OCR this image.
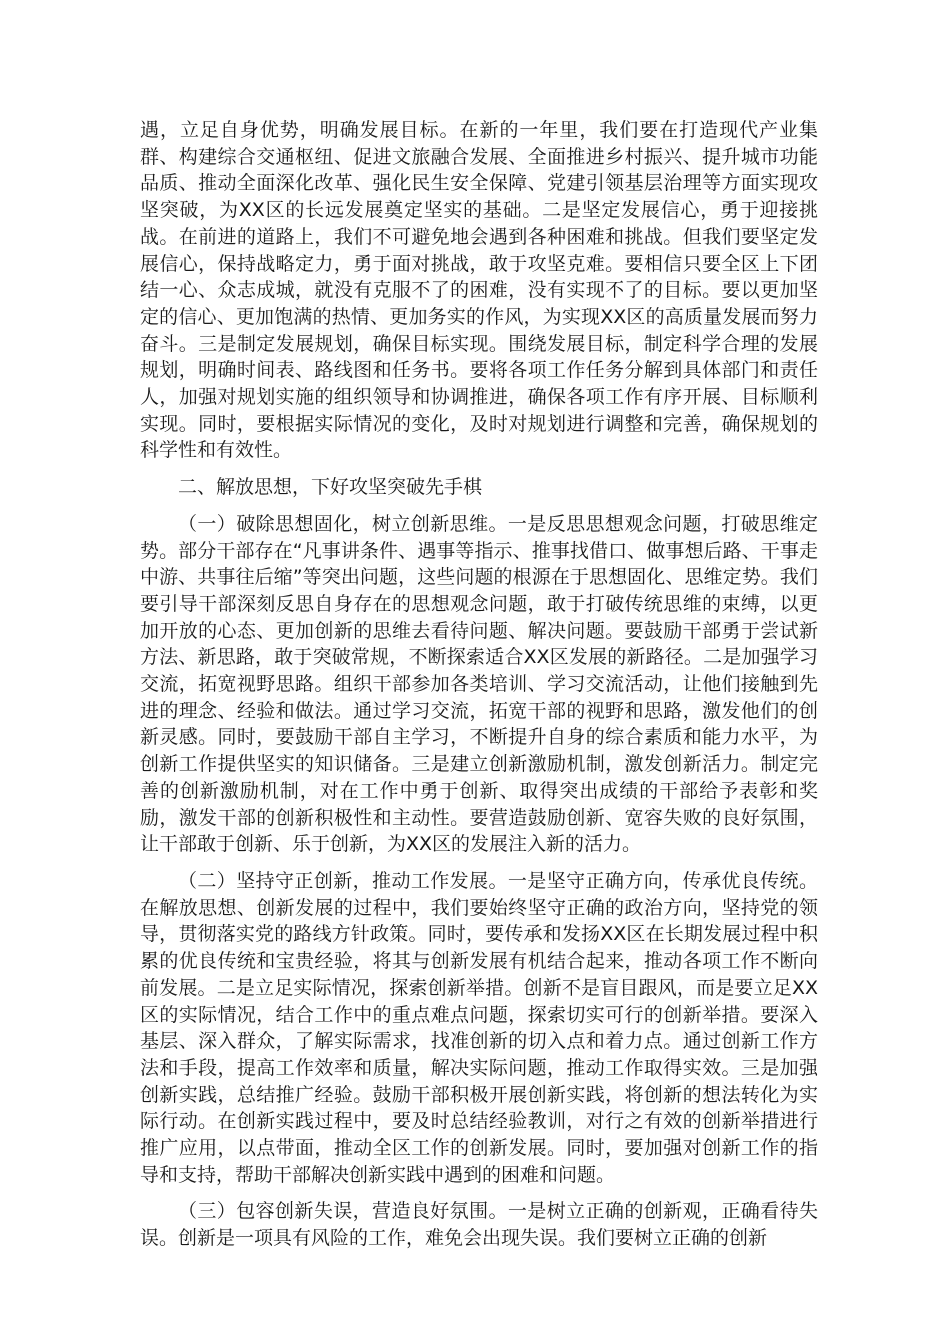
遇，立足自身优势，明确发展目标。在新的一年里，我们要在打造现代产业集群、构建综合交通枢纽、促进文旅融合发展、全面推进乡村振兴、提升城市功能品质、推动全面深化改革、强化民生安全保障、党建引领基层治理等方面实现攻坚突破，为XX区的长远发展奠定坚实的基础。二是坚定发展信心，勇于迎接挑战。在前进的道路上，我们不可避免地会遇到各种困难和挑战。但我们要坚定发展信心，保持战略定力，勇于面对挑战，敢于攻坚克难。要相信只要全区上下团结一心、众志成城，就没有克服不了的困难，没有实现不了的目标。要以更加坚定的信心、更加饱满的热情、更加务实的作风，为实现XX区的高质量发展而努力奋斗。三是制定发展规划，确保目标实现。围绕发展目标，制定科学合理的发展规划，明确时间表、路线图和任务书。要将各项工作任务分解到具体部门和责任人，加强对规划实施的组织领导和协调推进，确保各项工作有序开展、目标顺利实现。同时，要根据实际情况的变化，及时对规划进行调整和完善，确保规划的科学性和有效性。

二、解放思想，下好攻坚突破先手棋

（一）破除思想固化，树立创新思维。一是反思思想观念问题，打破思维定势。部分干部存在“凡事讲条件、遇事等指示、推事找借口、做事想后路、干事走中游、共事往后缩”等突出问题，这些问题的根源在于思想固化、思维定势。我们要引导干部深刻反思自身存在的思想观念问题，敢于打破传统思维的束缚，以更加开放的心态、更加创新的思维去看待问题、解决问题。要鼓励干部勇于尝试新方法、新思路，敢于突破常规，不断探索适合XX区发展的新路径。二是加强学习交流，拓宽视野思路。组织干部参加各类培训、学习交流活动，让他们接触到先进的理念、经验和做法。通过学习交流，拓宽干部的视野和思路，激发他们的创新灵感。同时，要鼓励干部自主学习，不断提升自身的综合素质和能力水平，为创新工作提供坚实的知识储备。三是建立创新激励机制，激发创新活力。制定完善的创新激励机制，对在工作中勇于创新、取得突出成绩的干部给予表彰和奖励，激发干部的创新积极性和主动性。要营造鼓励创新、宽容失败的良好氛围，让干部敢于创新、乐于创新，为XX区的发展注入新的活力。

（二）坚持守正创新，推动工作发展。一是坚守正确方向，传承优良传统。在解放思想、创新发展的过程中，我们要始终坚守正确的政治方向，坚持党的领导，贯彻落实党的路线方针政策。同时，要传承和发扬XX区在长期发展过程中积累的优良传统和宝贵经验，将其与创新发展有机结合起来，推动各项工作不断向前发展。二是立足实际情况，探索创新举措。创新不是盲目跟风，而是要立足XX区的实际情况，结合工作中的重点难点问题，探索切实可行的创新举措。要深入基层、深入群众，了解实际需求，找准创新的切入点和着力点。通过创新工作方法和手段，提高工作效率和质量，解决实际问题，推动工作取得实效。三是加强创新实践，总结推广经验。鼓励干部积极开展创新实践，将创新的想法转化为实际行动。在创新实践过程中，要及时总结经验教训，对行之有效的创新举措进行推广应用，以点带面，推动全区工作的创新发展。同时，要加强对创新工作的指导和支持，帮助干部解决创新实践中遇到的困难和问题。

（三）包容创新失误，营造良好氛围。一是树立正确的创新观，正确看待失误。创新是一项具有风险的工作，难免会出现失误。我们要树立正确的创新
